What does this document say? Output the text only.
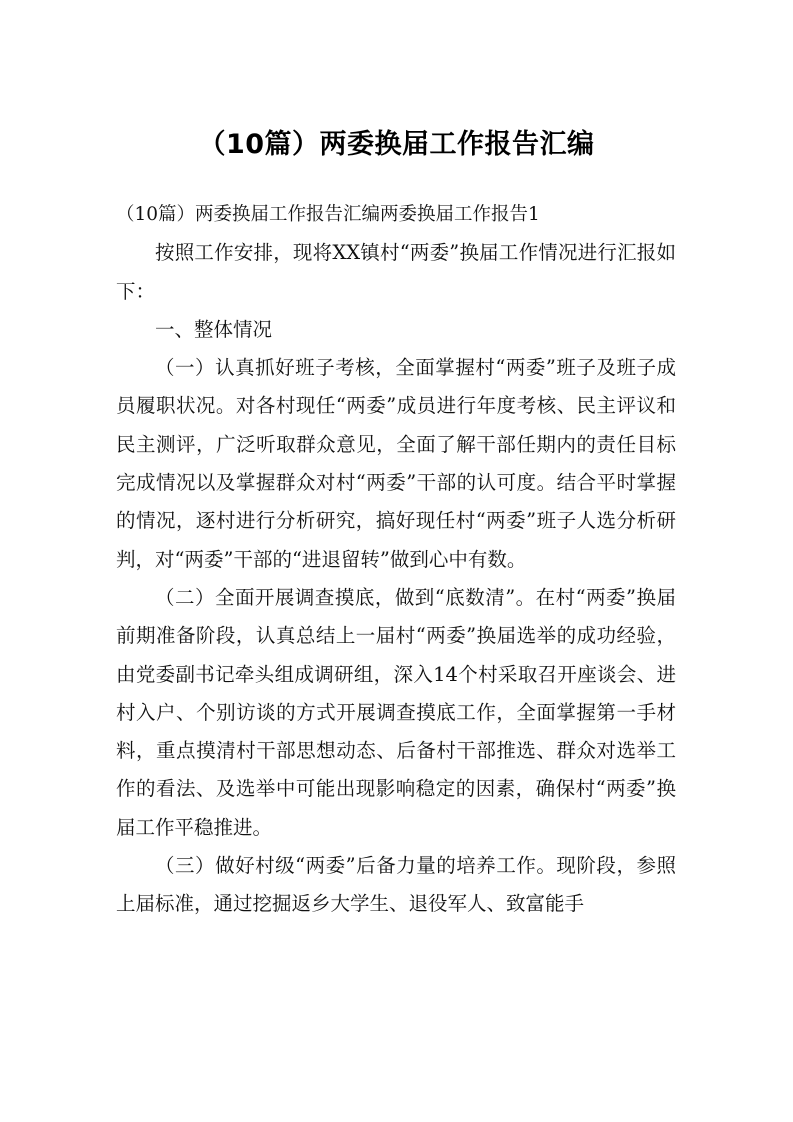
（10篇）两委换届工作报告汇编

（10篇）两委换届工作报告汇编两委换届工作报告1

按照工作安排，现将XX镇村“两委”换届工作情况进行汇报如下：

一、整体情况

（一）认真抓好班子考核，全面掌握村“两委”班子及班子成员履职状况。对各村现任“两委”成员进行年度考核、民主评议和民主测评，广泛听取群众意见，全面了解干部任期内的责任目标完成情况以及掌握群众对村“两委”干部的认可度。结合平时掌握的情况，逐村进行分析研究，搞好现任村“两委”班子人选分析研判，对“两委”干部的“进退留转”做到心中有数。

（二）全面开展调查摸底，做到“底数清”。在村“两委”换届前期准备阶段，认真总结上一届村“两委”换届选举的成功经验，由党委副书记牵头组成调研组，深入14个村采取召开座谈会、进村入户、个别访谈的方式开展调查摸底工作，全面掌握第一手材料，重点摸清村干部思想动态、后备村干部推选、群众对选举工作的看法、及选举中可能出现影响稳定的因素，确保村“两委”换届工作平稳推进。

（三）做好村级“两委”后备力量的培养工作。现阶段，参照上届标准，通过挖掘返乡大学生、退役军人、致富能手
